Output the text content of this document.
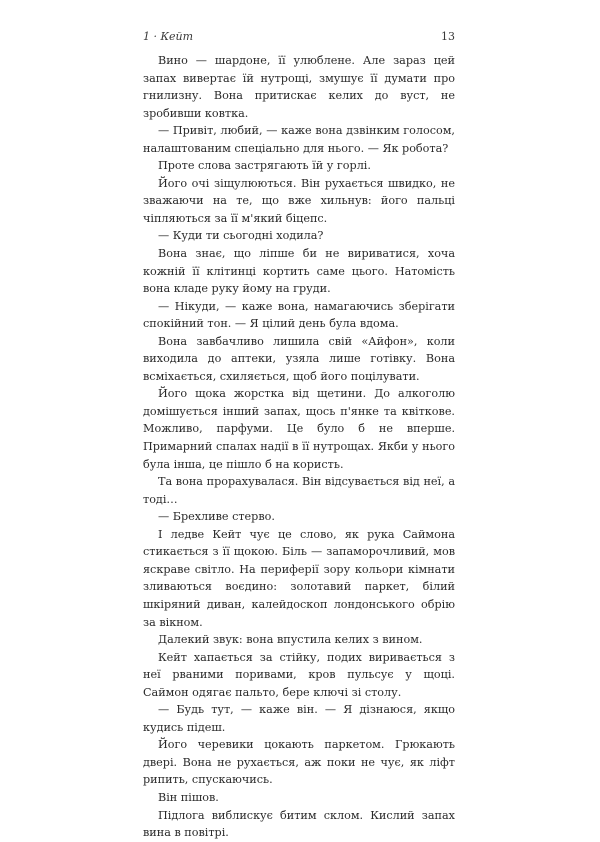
1 · Кейт	13

Вино — шардоне, її улюблене. Але зараз цей запах вивертає їй нутрощі, змушує її думати про гнилизну. Вона притискає келих до вуст, не зробивши ковтка.

— Привіт, любий, — каже вона дзвінким голосом, налаштованим спеціально для нього. — Як робота?

Проте слова застрягають їй у горлі.

Його очі зіщулюються. Він рухається швидко, не зважаючи на те, що вже хильнув: його пальці чіпляються за її м'який біцепс.

— Куди ти сьогодні ходила?

Вона знає, що ліпше би не вириватися, хоча кожній її клітинці кортить саме цього. Натомість вона кладе руку йому на груди.

— Нікуди, — каже вона, намагаючись зберігати спокійний тон. — Я цілий день була вдома.

Вона завбачливо лишила свій «Айфон», коли виходила до аптеки, узяла лише готівку. Вона всміхається, схиляється, щоб його поцілувати.

Його щока жорстка від щетини. До алкоголю домішується інший запах, щось п'янке та квіткове. Можливо, парфуми. Це було б не вперше. Примарний спалах надії в її нутрощах. Якби у нього була інша, це пішло б на користь.

Та вона прорахувалася. Він відсувається від неї, а тоді…

— Брехливе стерво.

І ледве Кейт чує це слово, як рука Саймона стикається з її щокою. Біль — запаморочливий, мов яскраве світло. На периферії зору кольори кімнати зливаються воєдино: золотавий паркет, білий шкіряний диван, калейдоскоп лондонського обрію за вікном.

Далекий звук: вона впустила келих з вином.

Кейт хапається за стійку, подих виривається з неї рваними поривами, кров пульсує у щоці. Саймон одягає пальто, бере ключі зі столу.

— Будь тут, — каже він. — Я дізнаюся, якщо кудись підеш.

Його черевики цокають паркетом. Грюкають двері. Вона не рухається, аж поки не чує, як ліфт рипить, спускаючись.

Він пішов.

Підлога виблискує битим склом. Кислий запах вина в повітрі.
